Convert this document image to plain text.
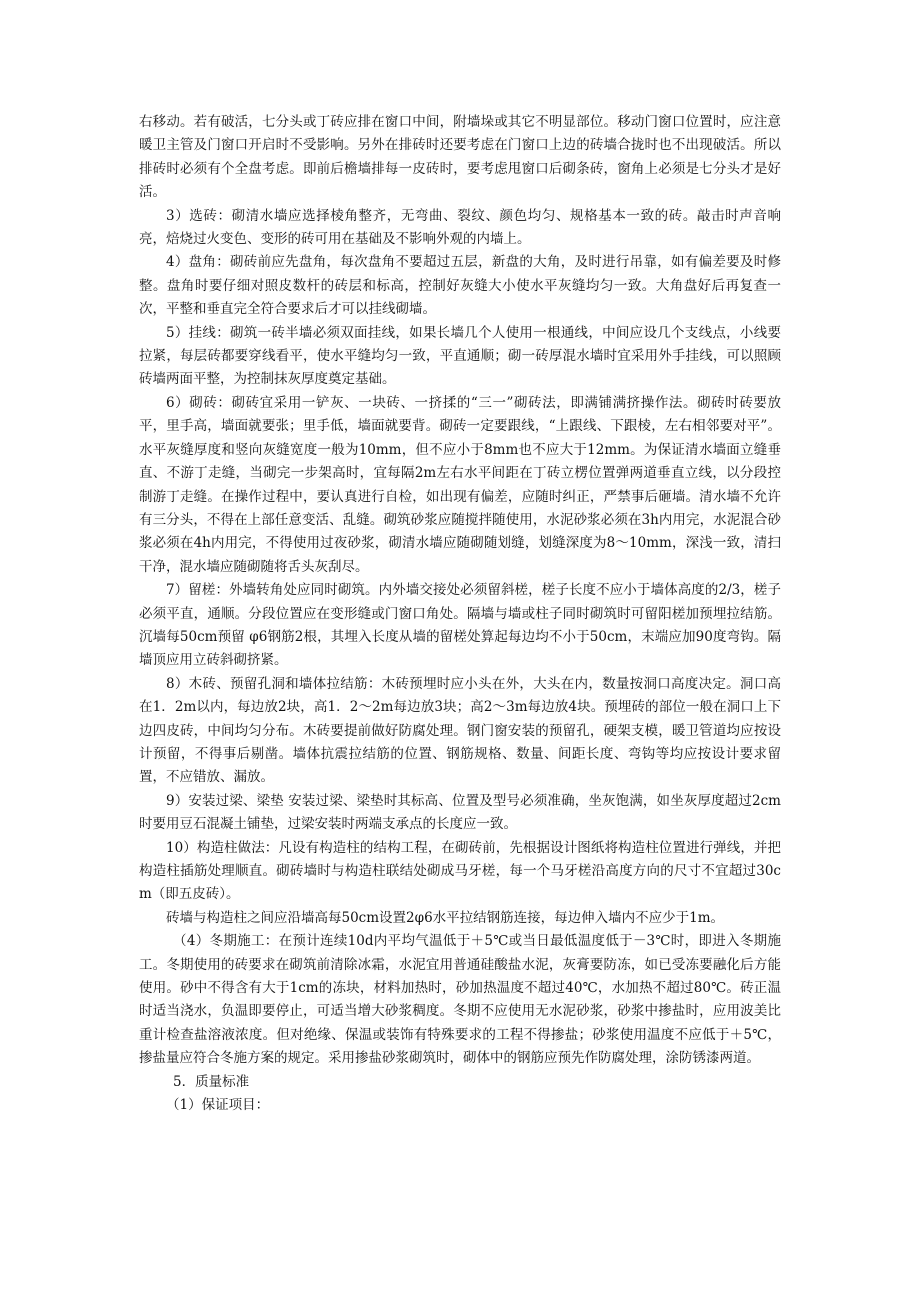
右移动。若有破活，七分头或丁砖应排在窗口中间，附墙垛或其它不明显部位。移动门窗口位置时，应注意暖卫主管及门窗口开启时不受影响。另外在排砖时还要考虑在门窗口上边的砖墙合拢时也不出现破活。所以排砖时必须有个全盘考虑。即前后檐墙排每一皮砖时，要考虑甩窗口后砌条砖，窗角上必须是七分头才是好活。

3）选砖：砌清水墙应选择棱角整齐，无弯曲、裂纹、颜色均匀、规格基本一致的砖。敲击时声音响亮，焙烧过火变色、变形的砖可用在基础及不影响外观的内墙上。

4）盘角：砌砖前应先盘角，每次盘角不要超过五层，新盘的大角，及时进行吊靠，如有偏差要及时修整。盘角时要仔细对照皮数杆的砖层和标高，控制好灰缝大小使水平灰缝均匀一致。大角盘好后再复查一次，平整和垂直完全符合要求后才可以挂线砌墙。

5）挂线：砌筑一砖半墙必须双面挂线，如果长墙几个人使用一根通线，中间应设几个支线点，小线要拉紧，每层砖都要穿线看平，使水平缝均匀一致，平直通顺；砌一砖厚混水墙时宜采用外手挂线，可以照顾砖墙两面平整，为控制抹灰厚度奠定基础。

6）砌砖：砌砖宜采用一铲灰、一块砖、一挤揉的“三一”砌砖法，即满铺满挤操作法。砌砖时砖要放平，里手高，墙面就要张；里手低，墙面就要背。砌砖一定要跟线，“上跟线、下跟棱，左右相邻要对平”。水平灰缝厚度和竖向灰缝宽度一般为10mm，但不应小于8mm也不应大于12mm。为保证清水墙面立缝垂直、不游丁走缝，当砌完一步架高时，宜每隔2m左右水平间距在丁砖立楞位置弹两道垂直立线，以分段控制游丁走缝。在操作过程中，要认真进行自检，如出现有偏差，应随时纠正，严禁事后砸墙。清水墙不允许有三分头，不得在上部任意变活、乱缝。砌筑砂浆应随搅拌随使用，水泥砂浆必须在3h内用完，水泥混合砂浆必须在4h内用完，不得使用过夜砂浆，砌清水墙应随砌随划缝，划缝深度为8～10mm，深浅一致，清扫干净，混水墙应随砌随将舌头灰刮尽。

7）留槎：外墙转角处应同时砌筑。内外墙交接处必须留斜槎，槎子长度不应小于墙体高度的2/3，槎子必须平直，通顺。分段位置应在变形缝或门窗口角处。隔墙与墙或柱子同时砌筑时可留阳槎加预埋拉结筋。沉墙每50cm预留 φ6钢筋2根，其埋入长度从墙的留槎处算起每边均不小于50cm，末端应加90度弯钩。隔墙顶应用立砖斜砌挤紧。

8）木砖、预留孔洞和墙体拉结筋：木砖预埋时应小头在外，大头在内，数量按洞口高度决定。洞口高在1．2m以内，每边放2块，高1．2～2m每边放3块；高2～3m每边放4块。预埋砖的部位一般在洞口上下边四皮砖，中间均匀分布。木砖要提前做好防腐处理。钢门窗安装的预留孔，硬架支模，暖卫管道均应按设计预留，不得事后剔凿。墙体抗震拉结筋的位置、钢筋规格、数量、间距长度、弯钩等均应按设计要求留置，不应错放、漏放。

9）安装过梁、梁垫 安装过梁、梁垫时其标高、位置及型号必须准确，坐灰饱满，如坐灰厚度超过2cm时要用豆石混凝土铺垫，过梁安装时两端支承点的长度应一致。

10）构造柱做法：凡设有构造柱的结构工程，在砌砖前，先根据设计图纸将构造柱位置进行弹线，并把构造柱插筋处理顺直。砌砖墙时与构造柱联结处砌成马牙槎，每一个马牙槎沿高度方向的尺寸不宜超过30cm（即五皮砖）。

砖墙与构造柱之间应沿墙高每50cm设置2φ6水平拉结钢筋连接，每边伸入墙内不应少于1m。

（4）冬期施工：在预计连续10d内平均气温低于＋5℃或当日最低温度低于－3℃时，即进入冬期施工。冬期使用的砖要求在砌筑前清除冰霜，水泥宜用普通硅酸盐水泥，灰膏要防冻，如已受冻要融化后方能使用。砂中不得含有大于1cm的冻块，材料加热时，砂加热温度不超过40℃，水加热不超过80℃。砖正温时适当浇水，负温即要停止，可适当增大砂浆稠度。冬期不应使用无水泥砂浆，砂浆中掺盐时，应用波美比重计检查盐溶液浓度。但对绝缘、保温或装饰有特殊要求的工程不得掺盐；砂浆使用温度不应低于＋5℃，掺盐量应符合冬施方案的规定。采用掺盐砂浆砌筑时，砌体中的钢筋应预先作防腐处理，涂防锈漆两道。

5．质量标准

（1）保证项目：
